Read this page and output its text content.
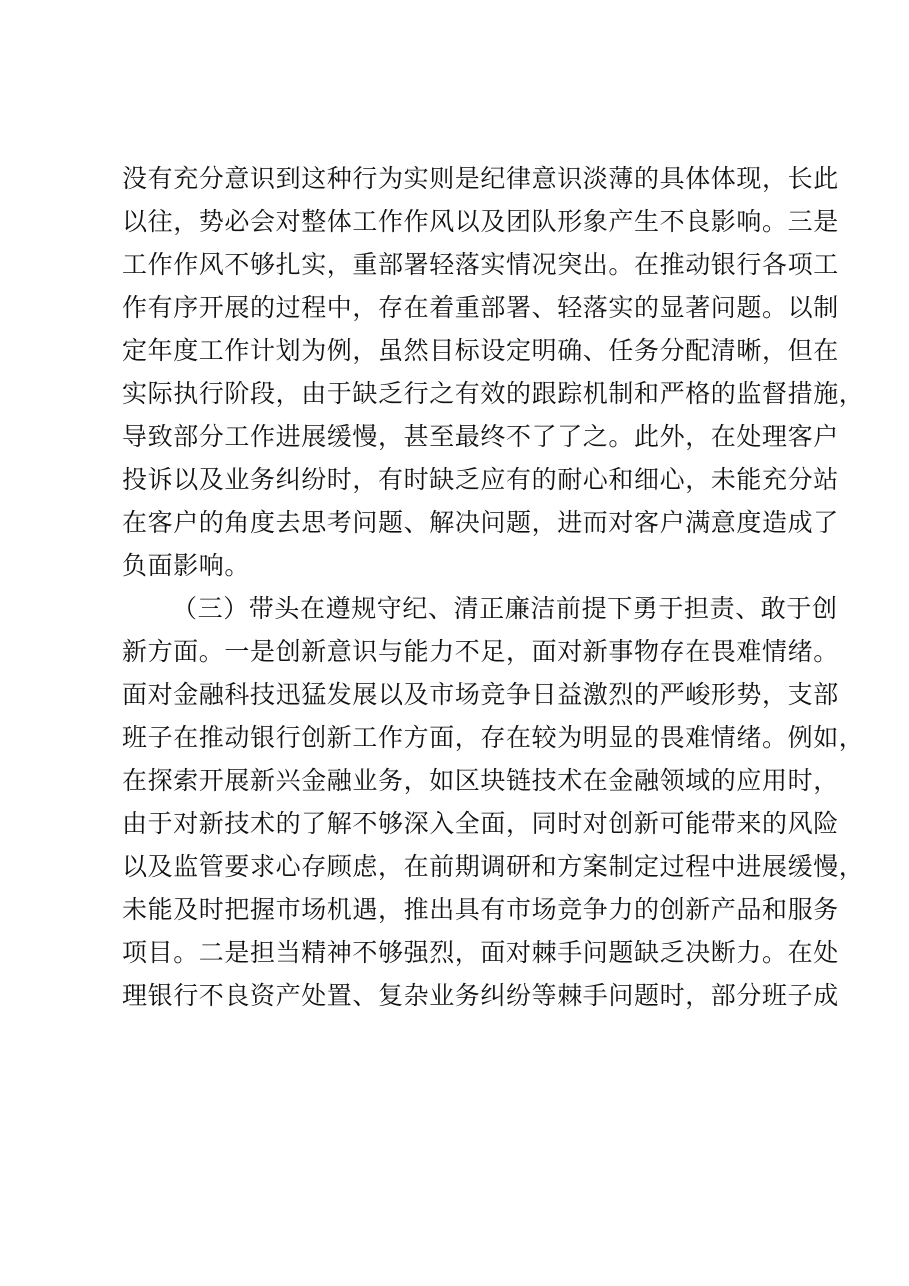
没有充分意识到这种行为实则是纪律意识淡薄的具体体现，长此
以往，势必会对整体工作作风以及团队形象产生不良影响。三是
工作作风不够扎实，重部署轻落实情况突出。在推动银行各项工
作有序开展的过程中，存在着重部署、轻落实的显著问题。以制
定年度工作计划为例，虽然目标设定明确、任务分配清晰，但在
实际执行阶段，由于缺乏行之有效的跟踪机制和严格的监督措施，
导致部分工作进展缓慢，甚至最终不了了之。此外，在处理客户
投诉以及业务纠纷时，有时缺乏应有的耐心和细心，未能充分站
在客户的角度去思考问题、解决问题，进而对客户满意度造成了
负面影响。
（三）带头在遵规守纪、清正廉洁前提下勇于担责、敢于创
新方面。一是创新意识与能力不足，面对新事物存在畏难情绪。
面对金融科技迅猛发展以及市场竞争日益激烈的严峻形势，支部
班子在推动银行创新工作方面，存在较为明显的畏难情绪。例如，
在探索开展新兴金融业务，如区块链技术在金融领域的应用时，
由于对新技术的了解不够深入全面，同时对创新可能带来的风险
以及监管要求心存顾虑，在前期调研和方案制定过程中进展缓慢，
未能及时把握市场机遇，推出具有市场竞争力的创新产品和服务
项目。二是担当精神不够强烈，面对棘手问题缺乏决断力。在处
理银行不良资产处置、复杂业务纠纷等棘手问题时，部分班子成
